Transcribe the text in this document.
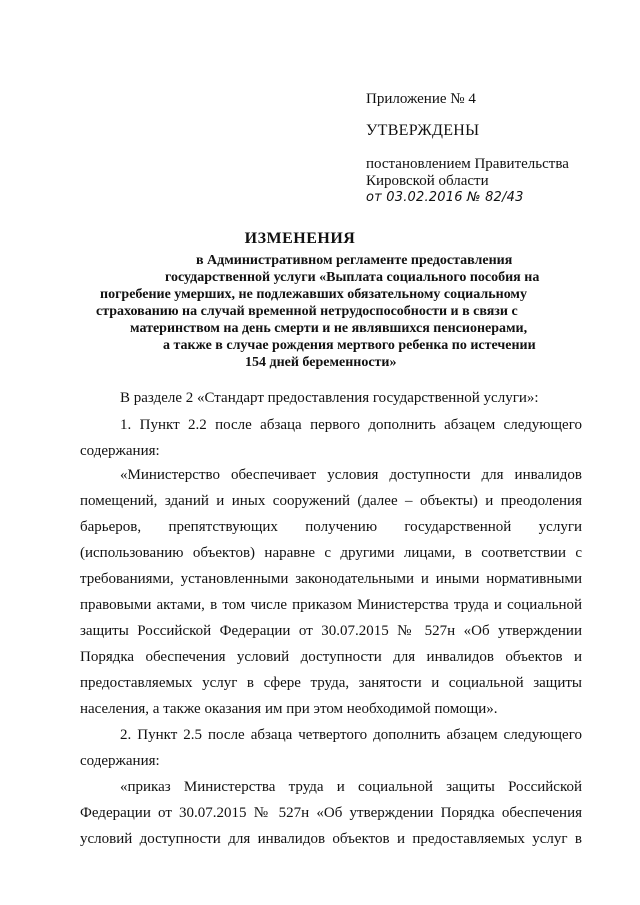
Приложение № 4
УТВЕРЖДЕНЫ
постановлением Правительства
Кировской области
от 03.02.2016 № 82/43
ИЗМЕНЕНИЯ
в Административном регламенте предоставления
государственной услуги «Выплата социального пособия на
погребение умерших, не подлежавших обязательному социальному
страхованию на случай временной нетрудоспособности и в связи с
материнством на день смерти и не являвшихся пенсионерами,
а также в случае рождения мертвого ребенка по истечении
154 дней беременности»
В разделе 2 «Стандарт предоставления государственной услуги»:
1. Пункт 2.2 после абзаца первого дополнить абзацем следующего
содержания:
«Министерство обеспечивает условия доступности для инвалидов
помещений, зданий и иных сооружений (далее – объекты) и преодоления
барьеров, препятствующих получению государственной услуги
(использованию объектов) наравне с другими лицами, в соответствии с
требованиями, установленными законодательными и иными нормативными
правовыми актами, в том числе приказом Министерства труда и социальной
защиты Российской Федерации от 30.07.2015 № 527н «Об утверждении
Порядка обеспечения условий доступности для инвалидов объектов и
предоставляемых услуг в сфере труда, занятости и социальной защиты
населения, а также оказания им при этом необходимой помощи».
2. Пункт 2.5 после абзаца четвертого дополнить абзацем следующего
содержания:
«приказ Министерства труда и социальной защиты Российской
Федерации от 30.07.2015 № 527н «Об утверждении Порядка обеспечения
условий доступности для инвалидов объектов и предоставляемых услуг в
